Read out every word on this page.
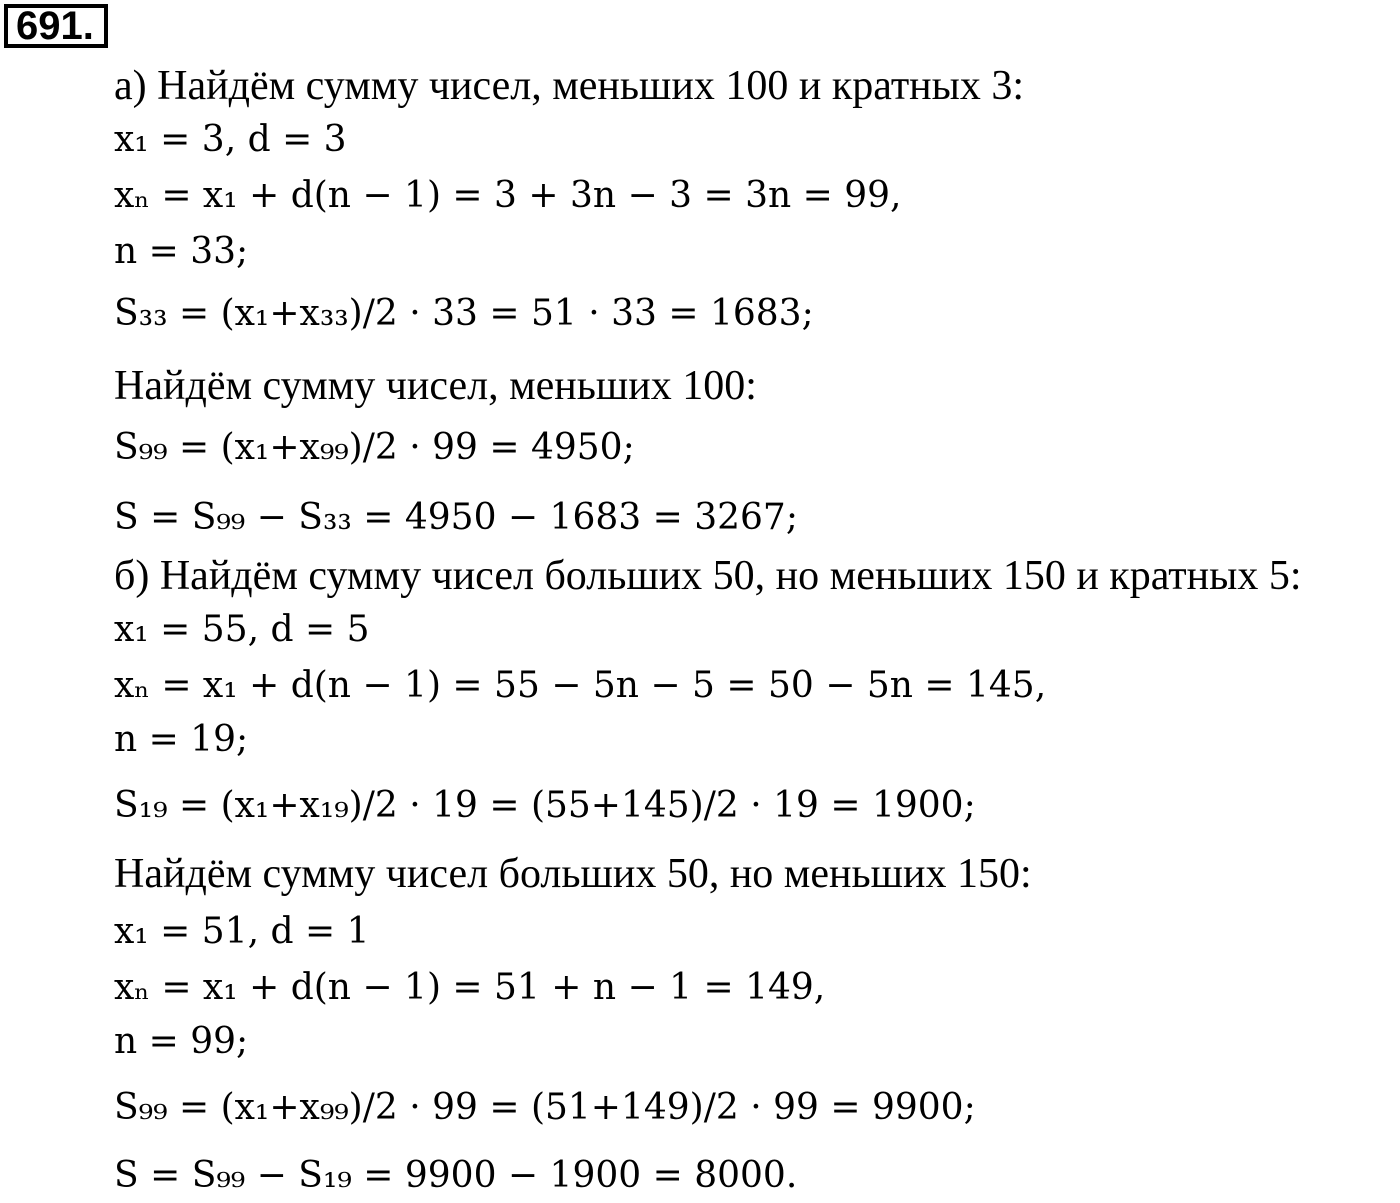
691.
а) Найдём сумму чисел, меньших 100 и кратных 3:
x₁ = 3, d = 3
xₙ = x₁ + d(n − 1) = 3 + 3n − 3 = 3n = 99,
n = 33;
S₃₃ = (x₁+x₃₃)/2 · 33 = 51 · 33 = 1683;
Найдём сумму чисел, меньших 100:
S₉₉ = (x₁+x₉₉)/2 · 99 = 4950;
S = S₉₉ − S₃₃ = 4950 − 1683 = 3267;
б) Найдём сумму чисел больших 50, но меньших 150 и кратных 5:
x₁ = 55, d = 5
xₙ = x₁ + d(n − 1) = 55 − 5n − 5 = 50 − 5n = 145,
n = 19;
S₁₉ = (x₁+x₁₉)/2 · 19 = (55+145)/2 · 19 = 1900;
Найдём сумму чисел больших 50, но меньших 150:
x₁ = 51, d = 1
xₙ = x₁ + d(n − 1) = 51 + n − 1 = 149,
n = 99;
S₉₉ = (x₁+x₉₉)/2 · 99 = (51+149)/2 · 99 = 9900;
S = S₉₉ − S₁₉ = 9900 − 1900 = 8000.
